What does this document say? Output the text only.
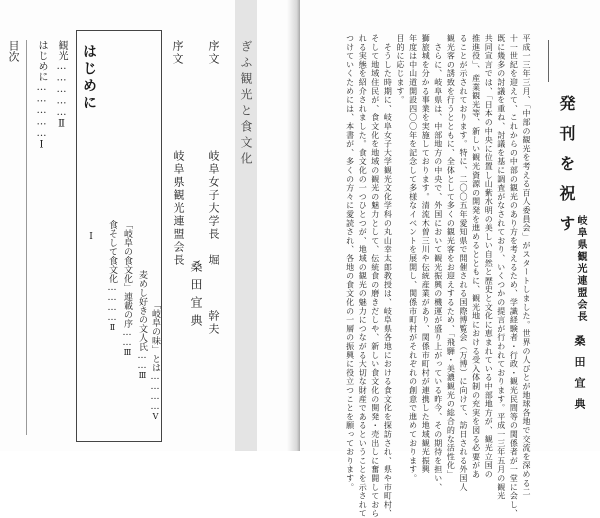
目次 はじめに……………Ⅰ
観光……………Ⅱ
はじめに
Ⅰ 食そして食文化…………Ⅱ 「岐阜の食文化」連載の序……Ⅲ
麦めし好きの文人氏……Ⅲ
「岐阜の味」とは…………Ⅴ
序文
岐阜県観光連盟会長
桑田宜典
序文
岐阜女子大学長　堀
幹夫
ぎふ観光と食文化	平成一三年三月、「中部の観光を考える百人委員会」がスタートしました。世界の人びとが地球各地で交流を深める二
十一世紀を迎えて、これからの中部の観光のあり方を考えるため、学識経験者・行政・観光民間等の関係者が一堂に会し、
既に幾多の討議を重ね、討議を基に調査がなされており、いくつかの提言が行われております。平成一三年五月の観光
共同宣言では、「日本の中央に位置し山紫水明の美しい自然と歴史と文化に恵まれている中部地方が、観光立国の
推進役」、産業観光等、新しい観光資源の開発を進めるとともに、観光地における受入体制の充実を図る必要があ
ることが示されております。特に、二〇〇五年愛知県で開催される国際博覧会（万博）に向けて、訪日される外国人
観光客の誘致を行うとともに、全体として多くの観光客をお迎えするため、「飛騨・美濃観光の総合的な活性化」
　さらに、岐阜県は、中部地方の中央で、外国において観光振興の機運が盛り上がっている昨今、その期待を担い、
獅旅城を分かる事業を実施しております。清流木曽三川や伝統産業があり、関係市町村が連携した地域観光振興
年度は中山道開設四〇〇年を記念して多様なイベントを展開し、関係市町村がそれぞれの創意で進めております。
目的に応じます。
　そうした時期に、岐阜女子大学観光文化学科の丸山幸太郎教授は、岐阜県各地における食文化を探訪され、県や市町村、
そして地域住民が、食文化を地域の観光の魅力として、伝統食の磨きだしや、新しい食文化の開発・売出しに奮闘しておら
れる実態を紹介されました。食文化の一つひとつが、地域の観光の魅力につながる大切な財産であるということを示されて
つけていくためには、本書が、多くの方々に愛読され、各地の食文化の一層の振興に役立つことを願っております。	発刊を祝す
岐阜県観光連盟会長
桑田宜典
